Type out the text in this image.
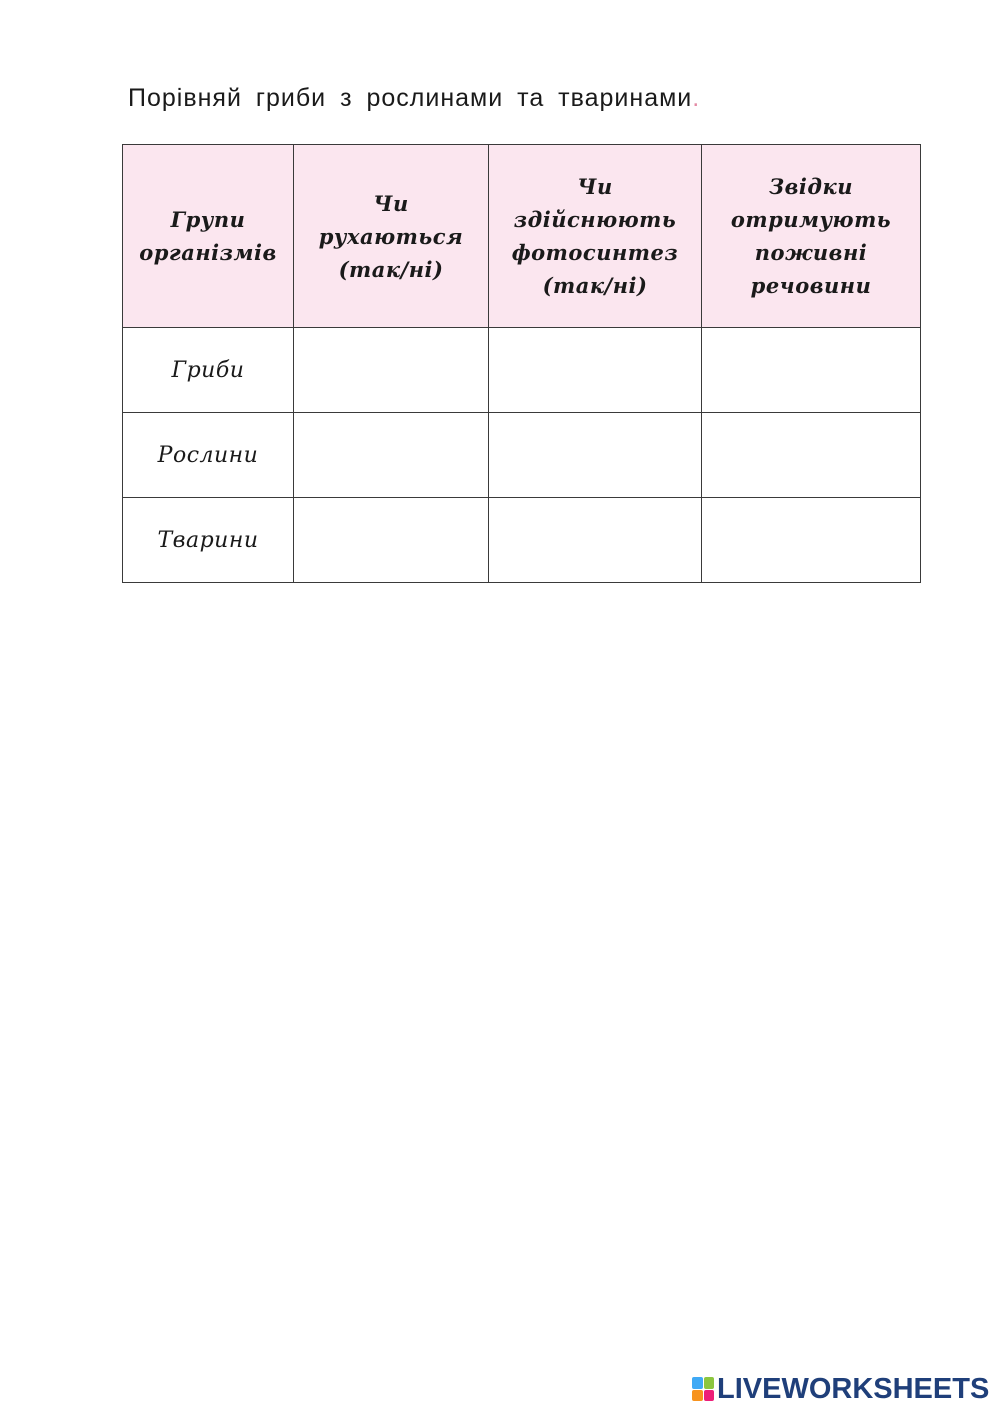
Порівняй гриби з рослинами та тваринами.
Групи
організмів	Чи
рухаються
(так/ні)	Чи
здійснюють
фотосинтез
(так/ні)	Звідки
отримують
поживні
речовини

Гриби			
Рослини			
Тварини			
LIVEWORKSHEETS
